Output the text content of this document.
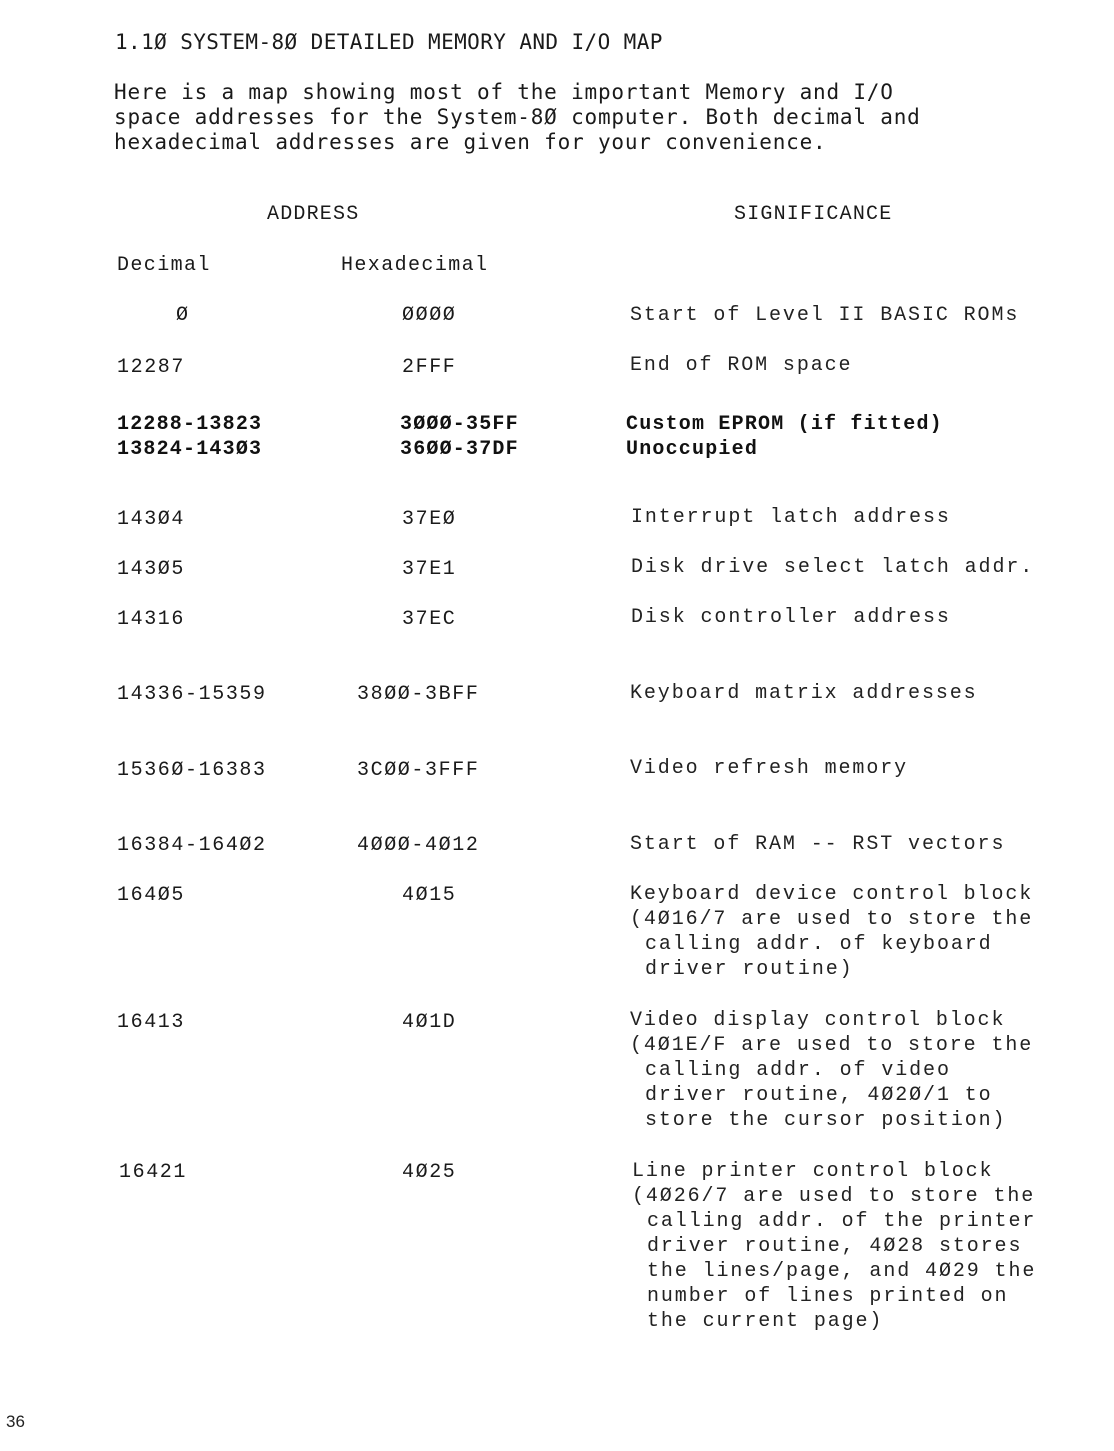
1.1Ø SYSTEM-8Ø DETAILED MEMORY AND I/O MAP
Here is a map showing most of the important Memory and I/O
space addresses for the System-8Ø computer. Both decimal and
hexadecimal addresses are given for your convenience.
ADDRESS	SIGNIFICANCE
Decimal	Hexadecimal
Ø	ØØØØ	Start of Level II BASIC ROMs
12287	2FFF	End of ROM space
12288-13823	3ØØØ-35FF	Custom EPROM (if fitted)
13824-143Ø3	36ØØ-37DF	Unoccupied
143Ø4	37EØ	Interrupt latch address
143Ø5	37E1	Disk drive select latch addr.
14316	37EC	Disk controller address
14336-15359	38ØØ-3BFF	Keyboard matrix addresses
1536Ø-16383	3CØØ-3FFF	Video refresh memory
16384-164Ø2	4ØØØ-4Ø12	Start of RAM -- RST vectors
164Ø5	4Ø15	Keyboard device control block
(4Ø16/7 are used to store the
calling addr. of keyboard
driver routine)
16413	4Ø1D	Video display control block
(4Ø1E/F are used to store the
calling addr. of video
driver routine, 4Ø2Ø/1 to
store the cursor position)
16421	4Ø25	Line printer control block
(4Ø26/7 are used to store the
calling addr. of the printer
driver routine, 4Ø28 stores
the lines/page, and 4Ø29 the
number of lines printed on
the current page)
36
